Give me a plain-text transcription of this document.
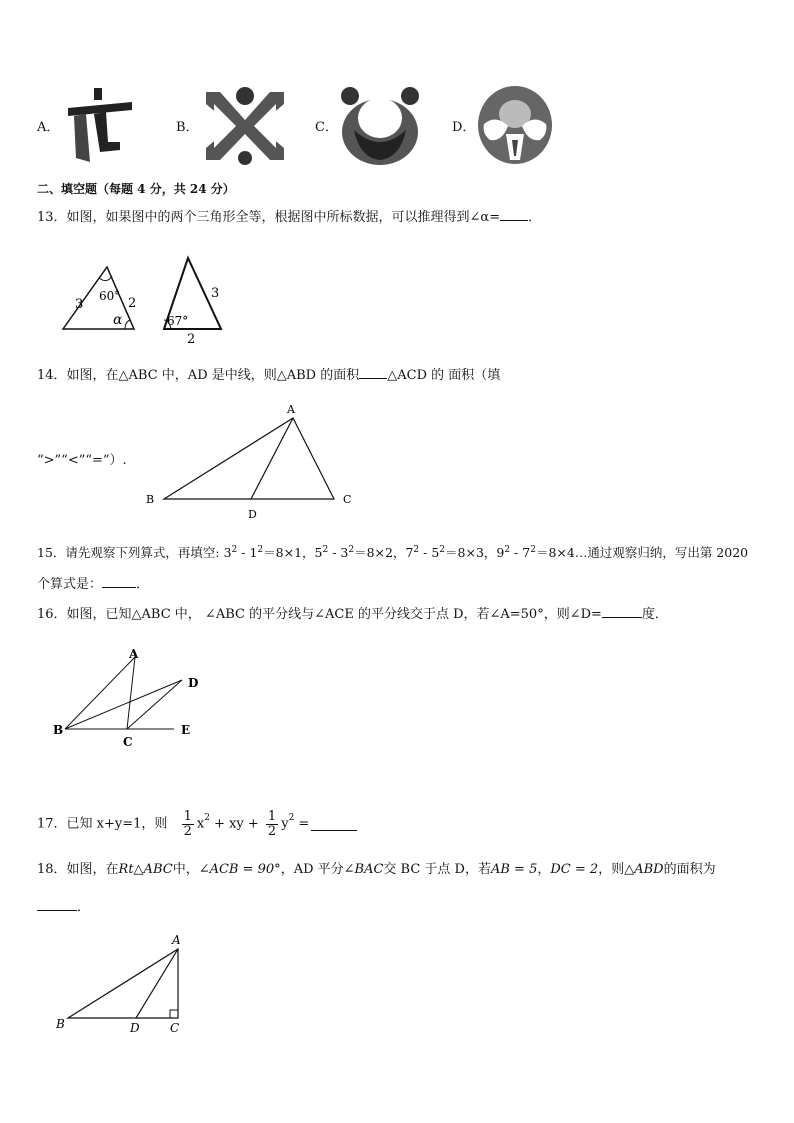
A．	B．	C．	D．
二、填空题（每题 4 分，共 24 分）
13．如图，如果图中的两个三角形全等，根据图中所标数据，可以推理得到∠α= ．
3	2
60°
α
3
67°
2
14．如图，在△ABC 中，AD 是中线，则△ABD 的面积 △ACD 的 面积（填
“>”“<”“=”）.
A
B	C
D
15．请先观察下列算式，再填空: $3^2 - 1^2=8\times 1$，$5^2 - 3^2=8\times 2$，$7^2 - 5^2=8\times 3$，$9^2$ - $7^2=8\times 4\dots$通过观察归纳，写出第 2020
个算式是：	．
16．如图，已知△ABC 中， ∠ABC 的平分线与∠ACE 的平分线交于点 D，若∠A=50°，则∠D=	度．
A
B
C
D
E
17．已知 x+y=1，则 $\frac{1}{2} x^2$ + xy + $\frac{1}{2} y^2$ =
18．如图，在Rt△ABC中，∠ACB = 90°，AD 平分∠BAC交 BC 于点 D，若AB = 5，DC = 2，则△ABD的面积为
．
A
B	C
D
